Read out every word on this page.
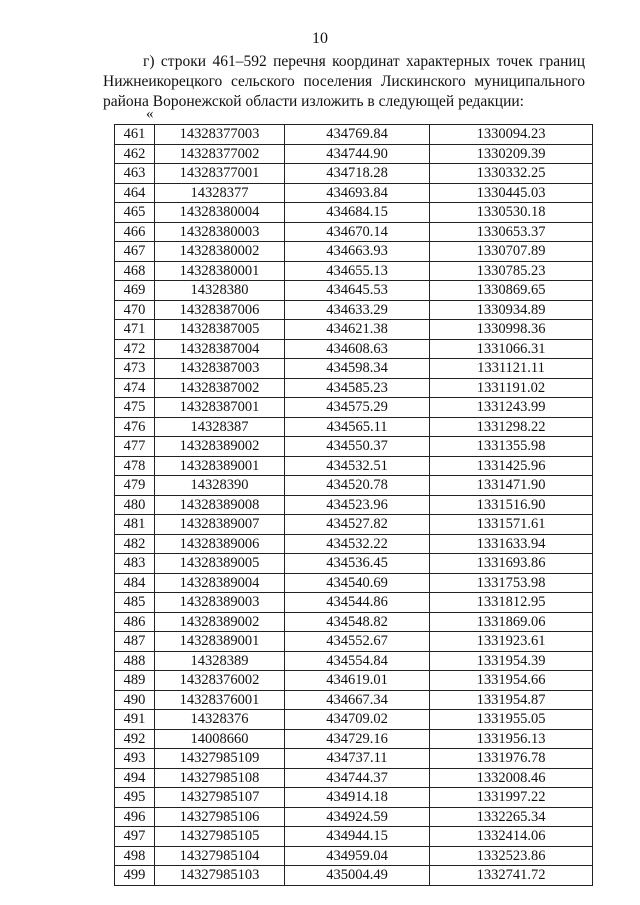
10

г) строки 461–592 перечня координат характерных точек границ Нижнеикорецкого сельского поселения Лискинского муниципального района Воронежской области изложить в следующей редакции:

«
461	14328377003	434769.84	1330094.23
462	14328377002	434744.90	1330209.39
463	14328377001	434718.28	1330332.25
464	14328377	434693.84	1330445.03
465	14328380004	434684.15	1330530.18
466	14328380003	434670.14	1330653.37
467	14328380002	434663.93	1330707.89
468	14328380001	434655.13	1330785.23
469	14328380	434645.53	1330869.65
470	14328387006	434633.29	1330934.89
471	14328387005	434621.38	1330998.36
472	14328387004	434608.63	1331066.31
473	14328387003	434598.34	1331121.11
474	14328387002	434585.23	1331191.02
475	14328387001	434575.29	1331243.99
476	14328387	434565.11	1331298.22
477	14328389002	434550.37	1331355.98
478	14328389001	434532.51	1331425.96
479	14328390	434520.78	1331471.90
480	14328389008	434523.96	1331516.90
481	14328389007	434527.82	1331571.61
482	14328389006	434532.22	1331633.94
483	14328389005	434536.45	1331693.86
484	14328389004	434540.69	1331753.98
485	14328389003	434544.86	1331812.95
486	14328389002	434548.82	1331869.06
487	14328389001	434552.67	1331923.61
488	14328389	434554.84	1331954.39
489	14328376002	434619.01	1331954.66
490	14328376001	434667.34	1331954.87
491	14328376	434709.02	1331955.05
492	14008660	434729.16	1331956.13
493	14327985109	434737.11	1331976.78
494	14327985108	434744.37	1332008.46
495	14327985107	434914.18	1331997.22
496	14327985106	434924.59	1332265.34
497	14327985105	434944.15	1332414.06
498	14327985104	434959.04	1332523.86
499	14327985103	435004.49	1332741.72
